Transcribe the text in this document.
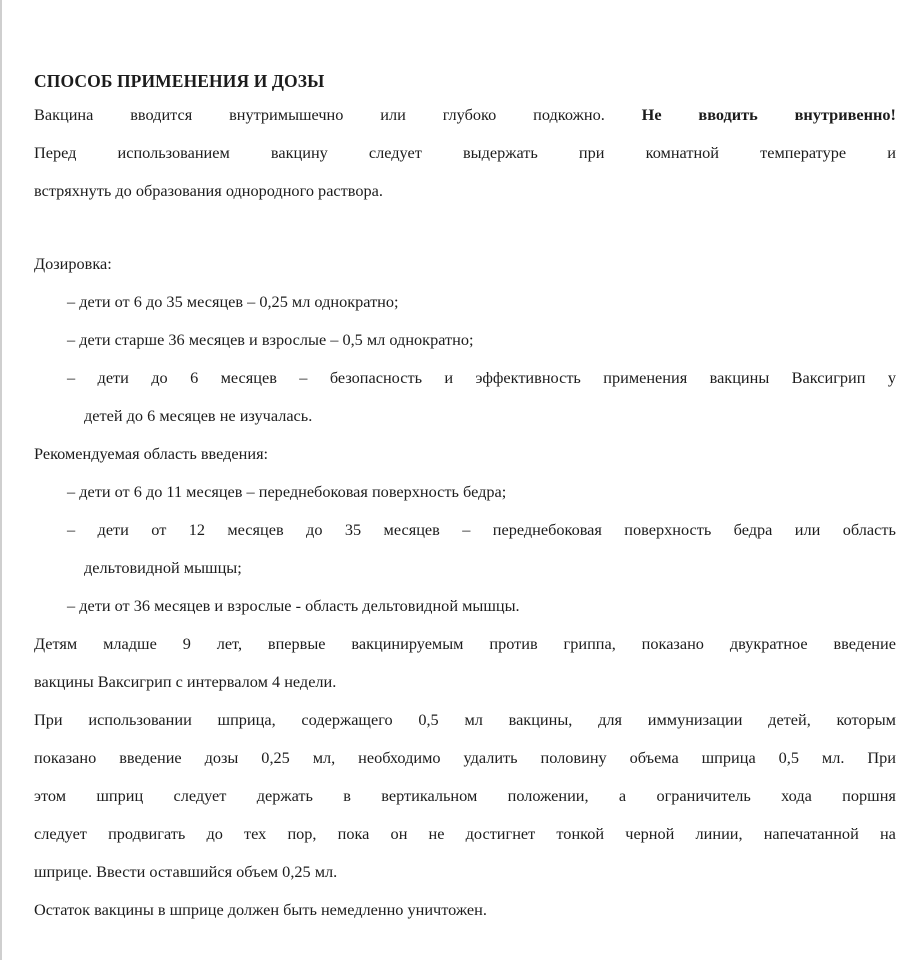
СПОСОБ ПРИМЕНЕНИЯ И ДОЗЫ
Вакцина вводится внутримышечно или глубоко подкожно. Не вводить внутривенно!
Перед	использованием	вакцину	следует	выдержать	при	комнатной	температуре	и
встряхнуть до образования однородного раствора.
Дозировка:
– дети от 6 до 35 месяцев – 0,25 мл однократно;
– дети старше 36 месяцев и взрослые – 0,5 мл однократно;
– дети до 6 месяцев – безопасность и эффективность применения вакцины Ваксигрип у
детей до 6 месяцев не изучалась.
Рекомендуемая область введения:
– дети от 6 до 11 месяцев – переднебоковая поверхность бедра;
– дети от 12 месяцев до 35 месяцев – переднебоковая поверхность бедра или область
дельтовидной мышцы;
– дети от 36 месяцев и взрослые - область дельтовидной мышцы.
Детям младше 9 лет, впервые вакцинируемым против гриппа, показано двукратное введение
вакцины Ваксигрип с интервалом 4 недели.
При использовании шприца, содержащего 0,5 мл вакцины, для иммунизации детей, которым
показано введение дозы 0,25 мл, необходимо удалить половину объема шприца 0,5 мл. При
этом шприц следует держать в вертикальном положении, а ограничитель хода поршня
следует продвигать до тех пор, пока он не достигнет тонкой черной линии, напечатанной на
шприце. Ввести оставшийся объем 0,25 мл.
Остаток вакцины в шприце должен быть немедленно уничтожен.
